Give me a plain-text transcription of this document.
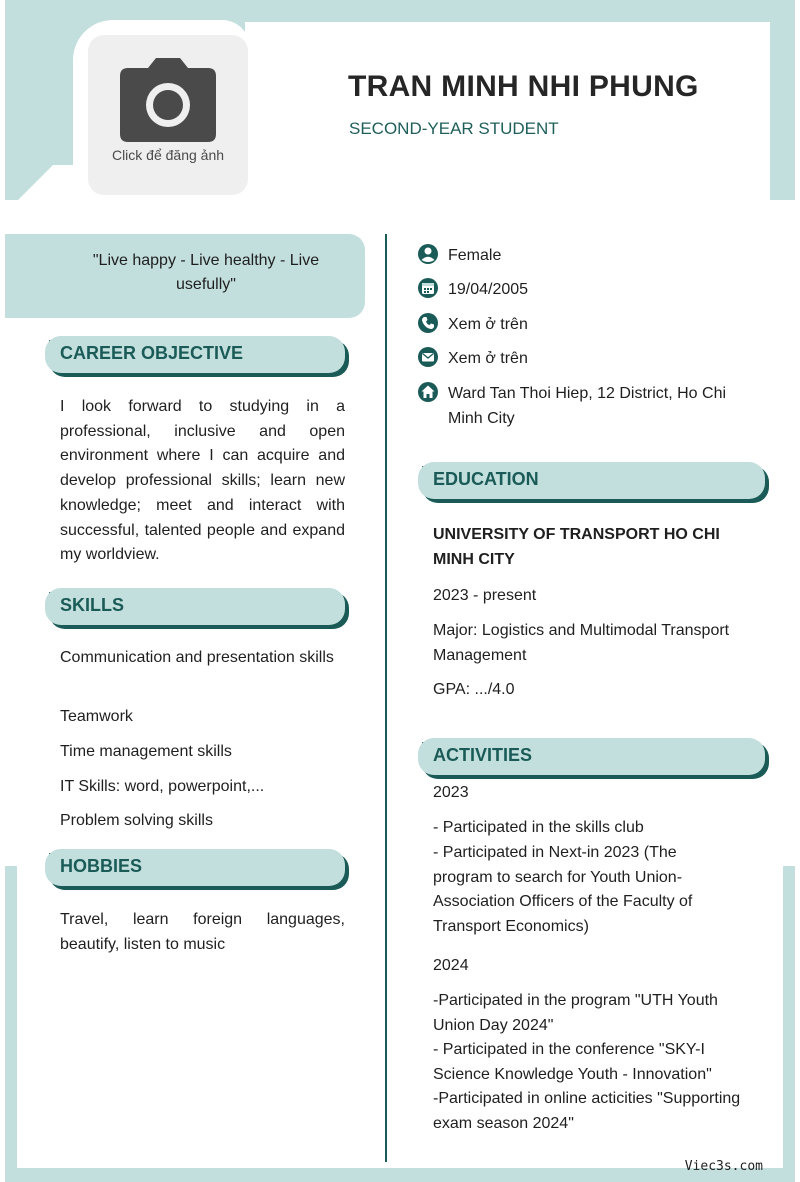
Click để đăng ảnh
TRAN MINH NHI PHUNG
SECOND-YEAR STUDENT
"Live happy - Live healthy - Live usefully"
CAREER OBJECTIVE
I look forward to studying in a professional, inclusive and open environment where I can acquire and develop professional skills; learn new knowledge; meet and interact with successful, talented people and expand my worldview.
SKILLS
Communication and presentation skills
Teamwork
Time management skills
IT Skills: word, powerpoint,...
Problem solving skills
HOBBIES
Travel, learn foreign languages, beautify, listen to music
Female
19/04/2005
Xem ở trên
Xem ở trên
Ward Tan Thoi Hiep, 12 District, Ho Chi Minh City
EDUCATION
UNIVERSITY OF TRANSPORT HO CHI MINH CITY
2023 - present
Major: Logistics and Multimodal Transport Management
GPA: .../4.0
ACTIVITIES
2023
- Participated in the skills club
- Participated in Next-in 2023 (The program to search for Youth Union-Association Officers of the Faculty of Transport Economics)
2024
-Participated in the program "UTH Youth Union Day 2024"
- Participated in the conference "SKY-I Science Knowledge Youth - Innovation"
-Participated in online acticities "Supporting exam season 2024"
Viec3s.com
